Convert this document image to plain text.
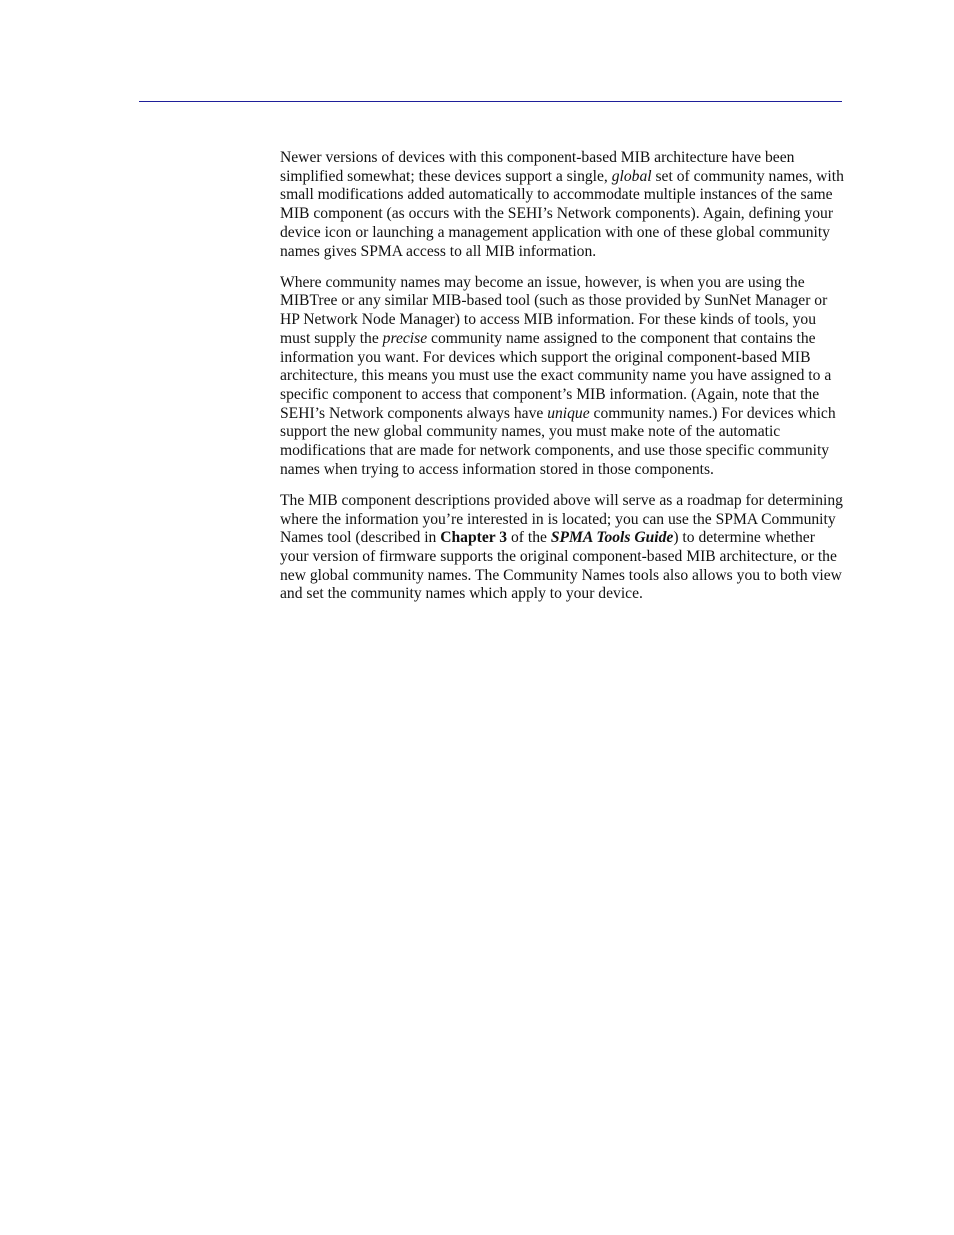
Newer versions of devices with this component-based MIB architecture have been simplified somewhat; these devices support a single, global set of community names, with small modifications added automatically to accommodate multiple instances of the same MIB component (as occurs with the SEHI’s Network components). Again, defining your device icon or launching a management application with one of these global community names gives SPMA access to all MIB information.

Where community names may become an issue, however, is when you are using the MIBTree or any similar MIB-based tool (such as those provided by SunNet Manager or HP Network Node Manager) to access MIB information. For these kinds of tools, you must supply the precise community name assigned to the component that contains the information you want. For devices which support the original component-based MIB architecture, this means you must use the exact community name you have assigned to a specific component to access that component’s MIB information. (Again, note that the SEHI’s Network components always have unique community names.) For devices which support the new global community names, you must make note of the automatic modifications that are made for network components, and use those specific community names when trying to access information stored in those components.

The MIB component descriptions provided above will serve as a roadmap for determining where the information you’re interested in is located; you can use the SPMA Community Names tool (described in Chapter 3 of the SPMA Tools Guide) to determine whether your version of firmware supports the original component-based MIB architecture, or the new global community names. The Community Names tools also allows you to both view and set the community names which apply to your device.
